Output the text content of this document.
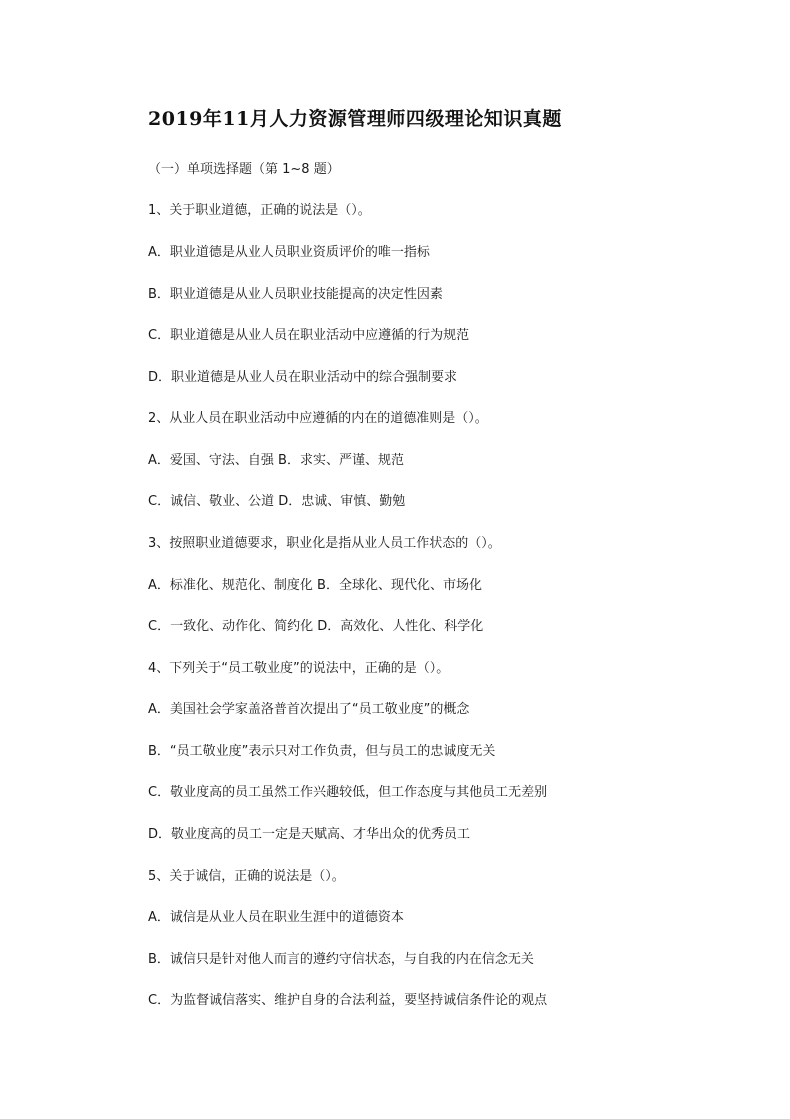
2019年11月人力资源管理师四级理论知识真题
（一）单项选择题（第 1~8 题）
1、关于职业道德，正确的说法是（）。
A．职业道德是从业人员职业资质评价的唯一指标
B．职业道德是从业人员职业技能提高的决定性因素
C．职业道德是从业人员在职业活动中应遵循的行为规范
D．职业道德是从业人员在职业活动中的综合强制要求
2、从业人员在职业活动中应遵循的内在的道德准则是（）。
A．爱国、守法、自强 B．求实、严谨、规范
C．诚信、敬业、公道 D．忠诚、审慎、勤勉
3、按照职业道德要求，职业化是指从业人员工作状态的（）。
A．标准化、规范化、制度化 B．全球化、现代化、市场化
C．一致化、动作化、简约化 D．高效化、人性化、科学化
4、下列关于“员工敬业度”的说法中，正确的是（）。
A．美国社会学家盖洛普首次提出了“员工敬业度”的概念
B．“员工敬业度”表示只对工作负责，但与员工的忠诚度无关
C．敬业度高的员工虽然工作兴趣较低，但工作态度与其他员工无差别
D．敬业度高的员工一定是天赋高、才华出众的优秀员工
5、关于诚信，正确的说法是（）。
A．诚信是从业人员在职业生涯中的道德资本
B．诚信只是针对他人而言的遵约守信状态，与自我的内在信念无关
C．为监督诚信落实、维护自身的合法利益，要坚持诚信条件论的观点
